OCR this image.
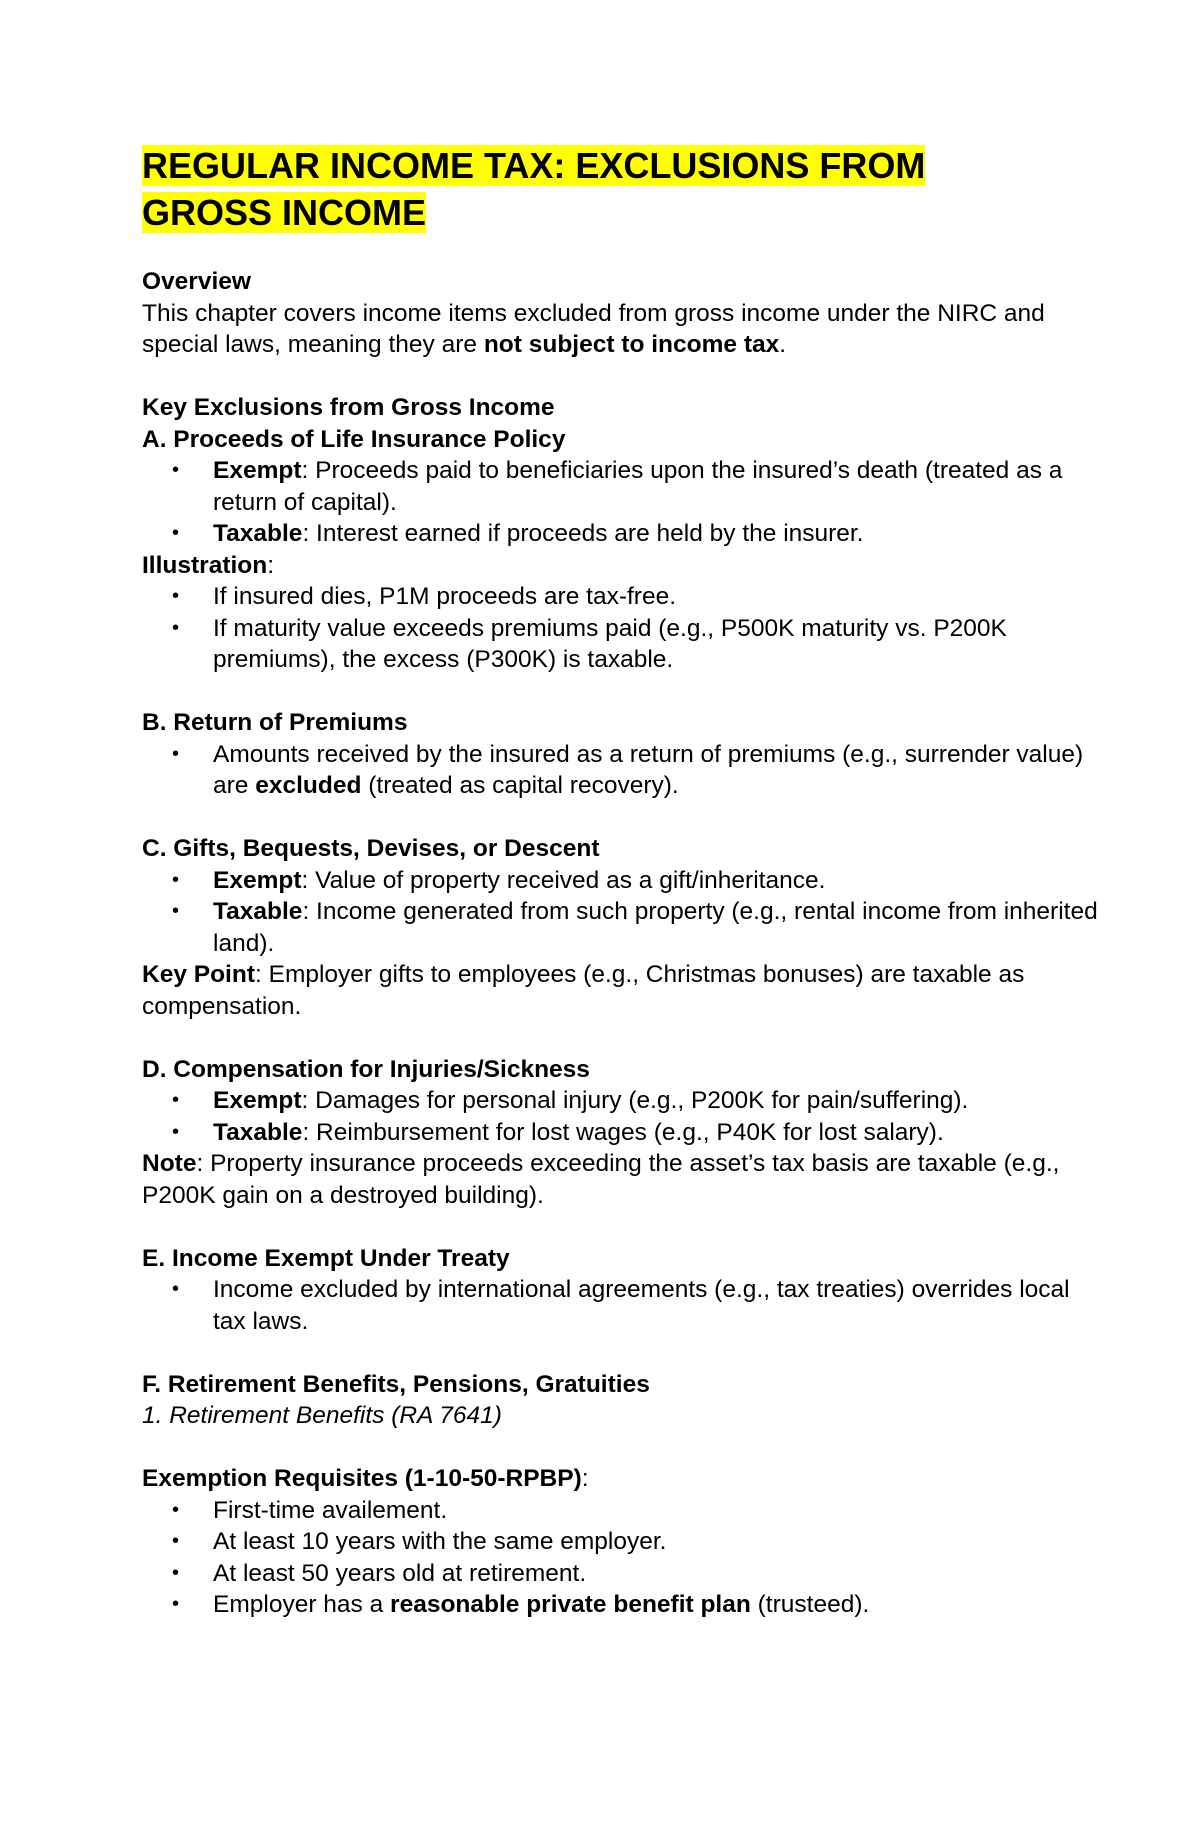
REGULAR INCOME TAX: EXCLUSIONS FROM
GROSS INCOME

Overview

This chapter covers income items excluded from gross income under the NIRC and special laws, meaning they are not subject to income tax.

Key Exclusions from Gross Income

A. Proceeds of Life Insurance Policy

• Exempt: Proceeds paid to beneficiaries upon the insured’s death (treated as a return of capital).
• Taxable: Interest earned if proceeds are held by the insurer.

Illustration:

• If insured dies, P1M proceeds are tax-free.
• If maturity value exceeds premiums paid (e.g., P500K maturity vs. P200K premiums), the excess (P300K) is taxable.

B. Return of Premiums

• Amounts received by the insured as a return of premiums (e.g., surrender value) are excluded (treated as capital recovery).

C. Gifts, Bequests, Devises, or Descent

• Exempt: Value of property received as a gift/inheritance.
• Taxable: Income generated from such property (e.g., rental income from inherited land).

Key Point: Employer gifts to employees (e.g., Christmas bonuses) are taxable as compensation.

D. Compensation for Injuries/Sickness

• Exempt: Damages for personal injury (e.g., P200K for pain/suffering).
• Taxable: Reimbursement for lost wages (e.g., P40K for lost salary).

Note: Property insurance proceeds exceeding the asset’s tax basis are taxable (e.g., P200K gain on a destroyed building).

E. Income Exempt Under Treaty

• Income excluded by international agreements (e.g., tax treaties) overrides local tax laws.

F. Retirement Benefits, Pensions, Gratuities

1. Retirement Benefits (RA 7641)

Exemption Requisites (1-10-50-RPBP):

• First-time availement.
• At least 10 years with the same employer.
• At least 50 years old at retirement.
• Employer has a reasonable private benefit plan (trusteed).
